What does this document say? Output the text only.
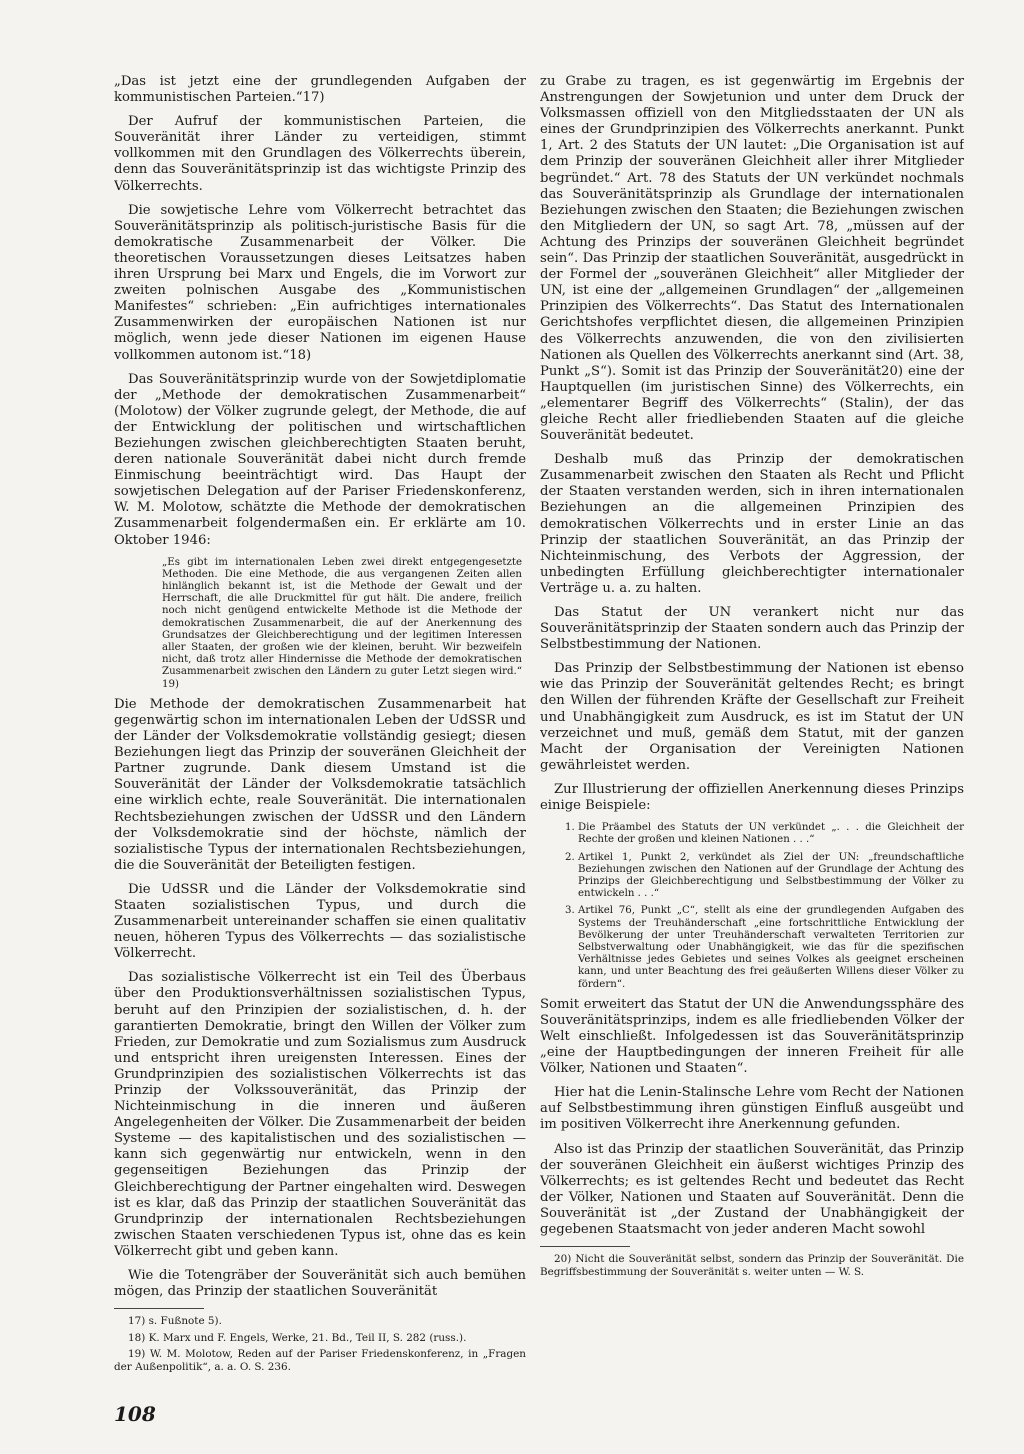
„Das ist jetzt eine der grundlegenden Aufgaben der kommunistischen Parteien.“17)

Der Aufruf der kommunistischen Parteien, die Souveränität ihrer Länder zu verteidigen, stimmt vollkommen mit den Grundlagen des Völkerrechts überein, denn das Souveränitätsprinzip ist das wichtigste Prinzip des Völkerrechts.

Die sowjetische Lehre vom Völkerrecht betrachtet das Souveränitätsprinzip als politisch-juristische Basis für die demokratische Zusammenarbeit der Völker. Die theoretischen Voraussetzungen dieses Leitsatzes haben ihren Ursprung bei Marx und Engels, die im Vorwort zur zweiten polnischen Ausgabe des „Kommunistischen Manifestes“ schrieben: „Ein aufrichtiges internationales Zusammenwirken der europäischen Nationen ist nur möglich, wenn jede dieser Nationen im eigenen Hause vollkommen autonom ist.“18)

Das Souveränitätsprinzip wurde von der Sowjetdiplomatie der „Methode der demokratischen Zusammenarbeit“ (Molotow) der Völker zugrunde gelegt, der Methode, die auf der Entwicklung der politischen und wirtschaftlichen Beziehungen zwischen gleichberechtigten Staaten beruht, deren nationale Souveränität dabei nicht durch fremde Einmischung beeinträchtigt wird. Das Haupt der sowjetischen Delegation auf der Pariser Friedenskonferenz, W. M. Molotow, schätzte die Methode der demokratischen Zusammenarbeit folgendermaßen ein. Er erklärte am 10. Oktober 1946:

„Es gibt im internationalen Leben zwei direkt entgegengesetzte Methoden. Die eine Methode, die aus vergangenen Zeiten allen hinlänglich bekannt ist, ist die Methode der Gewalt und der Herrschaft, die alle Druckmittel für gut hält. Die andere, freilich noch nicht genügend entwickelte Methode ist die Methode der demokratischen Zusammenarbeit, die auf der Anerkennung des Grundsatzes der Gleichberechtigung und der legitimen Interessen aller Staaten, der großen wie der kleinen, beruht. Wir bezweifeln nicht, daß trotz aller Hindernisse die Methode der demokratischen Zusammenarbeit zwischen den Ländern zu guter Letzt siegen wird.“ 19)

Die Methode der demokratischen Zusammenarbeit hat gegenwärtig schon im internationalen Leben der UdSSR und der Länder der Volksdemokratie vollständig gesiegt; diesen Beziehungen liegt das Prinzip der souveränen Gleichheit der Partner zugrunde. Dank diesem Umstand ist die Souveränität der Länder der Volksdemokratie tatsächlich eine wirklich echte, reale Souveränität. Die internationalen Rechtsbeziehungen zwischen der UdSSR und den Ländern der Volksdemokratie sind der höchste, nämlich der sozialistische Typus der internationalen Rechtsbeziehungen, die die Souveränität der Beteiligten festigen.

Die UdSSR und die Länder der Volksdemokratie sind Staaten sozialistischen Typus, und durch die Zusammenarbeit untereinander schaffen sie einen qualitativ neuen, höheren Typus des Völkerrechts — das sozialistische Völkerrecht.

Das sozialistische Völkerrecht ist ein Teil des Überbaus über den Produktionsverhältnissen sozialistischen Typus, beruht auf den Prinzipien der sozialistischen, d. h. der garantierten Demokratie, bringt den Willen der Völker zum Frieden, zur Demokratie und zum Sozialismus zum Ausdruck und entspricht ihren ureigensten Interessen. Eines der Grundprinzipien des sozialistischen Völkerrechts ist das Prinzip der Volkssouveränität, das Prinzip der Nichteinmischung in die inneren und äußeren Angelegenheiten der Völker. Die Zusammenarbeit der beiden Systeme — des kapitalistischen und des sozialistischen — kann sich gegenwärtig nur entwickeln, wenn in den gegenseitigen Beziehungen das Prinzip der Gleichberechtigung der Partner eingehalten wird. Deswegen ist es klar, daß das Prinzip der staatlichen Souveränität das Grundprinzip der internationalen Rechtsbeziehungen zwischen Staaten verschiedenen Typus ist, ohne das es kein Völkerrecht gibt und geben kann.

Wie die Totengräber der Souveränität sich auch bemühen mögen, das Prinzip der staatlichen Souveränität

17) s. Fußnote 5).

18) K. Marx und F. Engels, Werke, 21. Bd., Teil II, S. 282 (russ.).

19) W. M. Molotow, Reden auf der Pariser Friedenskonferenz, in „Fragen der Außenpolitik“, a. a. O. S. 236.

zu Grabe zu tragen, es ist gegenwärtig im Ergebnis der Anstrengungen der Sowjetunion und unter dem Druck der Volksmassen offiziell von den Mitgliedsstaaten der UN als eines der Grundprinzipien des Völkerrechts anerkannt. Punkt 1, Art. 2 des Statuts der UN lautet: „Die Organisation ist auf dem Prinzip der souveränen Gleichheit aller ihrer Mitglieder begründet.“ Art. 78 des Statuts der UN verkündet nochmals das Souveränitätsprinzip als Grundlage der internationalen Beziehungen zwischen den Staaten; die Beziehungen zwischen den Mitgliedern der UN, so sagt Art. 78, „müssen auf der Achtung des Prinzips der souveränen Gleichheit begründet sein“. Das Prinzip der staatlichen Souveränität, ausgedrückt in der Formel der „souveränen Gleichheit“ aller Mitglieder der UN, ist eine der „allgemeinen Grundlagen“ der „allgemeinen Prinzipien des Völkerrechts“. Das Statut des Internationalen Gerichtshofes verpflichtet diesen, die allgemeinen Prinzipien des Völkerrechts anzuwenden, die von den zivilisierten Nationen als Quellen des Völkerrechts anerkannt sind (Art. 38, Punkt „S“). Somit ist das Prinzip der Souveränität20) eine der Hauptquellen (im juristischen Sinne) des Völkerrechts, ein „elementarer Begriff des Völkerrechts“ (Stalin), der das gleiche Recht aller friedliebenden Staaten auf die gleiche Souveränität bedeutet.

Deshalb muß das Prinzip der demokratischen Zusammenarbeit zwischen den Staaten als Recht und Pflicht der Staaten verstanden werden, sich in ihren internationalen Beziehungen an die allgemeinen Prinzipien des demokratischen Völkerrechts und in erster Linie an das Prinzip der staatlichen Souveränität, an das Prinzip der Nichteinmischung, des Verbots der Aggression, der unbedingten Erfüllung gleichberechtigter internationaler Verträge u. a. zu halten.

Das Statut der UN verankert nicht nur das Souveränitätsprinzip der Staaten sondern auch das Prinzip der Selbstbestimmung der Nationen.

Das Prinzip der Selbstbestimmung der Nationen ist ebenso wie das Prinzip der Souveränität geltendes Recht; es bringt den Willen der führenden Kräfte der Gesellschaft zur Freiheit und Unabhängigkeit zum Ausdruck, es ist im Statut der UN verzeichnet und muß, gemäß dem Statut, mit der ganzen Macht der Organisation der Vereinigten Nationen gewährleistet werden.

Zur Illustrierung der offiziellen Anerkennung dieses Prinzips einige Beispiele:

1. Die Präambel des Statuts der UN verkündet „. . . die Gleichheit der Rechte der großen und kleinen Nationen . . .“
2. Artikel 1, Punkt 2, verkündet als Ziel der UN: „freundschaftliche Beziehungen zwischen den Nationen auf der Grundlage der Achtung des Prinzips der Gleichberechtigung und Selbstbestimmung der Völker zu entwickeln . . .“
3. Artikel 76, Punkt „C“, stellt als eine der grundlegenden Aufgaben des Systems der Treuhänderschaft „eine fortschrittliche Entwicklung der Bevölkerung der unter Treuhänderschaft verwalteten Territorien zur Selbstverwaltung oder Unabhängigkeit, wie das für die spezifischen Verhältnisse jedes Gebietes und seines Volkes als geeignet erscheinen kann, und unter Beachtung des frei geäußerten Willens dieser Völker zu fördern“.

Somit erweitert das Statut der UN die Anwendungssphäre des Souveränitätsprinzips, indem es alle friedliebenden Völker der Welt einschließt. Infolgedessen ist das Souveränitätsprinzip „eine der Hauptbedingungen der inneren Freiheit für alle Völker, Nationen und Staaten“.

Hier hat die Lenin-Stalinsche Lehre vom Recht der Nationen auf Selbstbestimmung ihren günstigen Einfluß ausgeübt und im positiven Völkerrecht ihre Anerkennung gefunden.

Also ist das Prinzip der staatlichen Souveränität, das Prinzip der souveränen Gleichheit ein äußerst wichtiges Prinzip des Völkerrechts; es ist geltendes Recht und bedeutet das Recht der Völker, Nationen und Staaten auf Souveränität. Denn die Souveränität ist „der Zustand der Unabhängigkeit der gegebenen Staatsmacht von jeder anderen Macht sowohl

20) Nicht die Souveränität selbst, sondern das Prinzip der Souveränität. Die Begriffsbestimmung der Souveränität s. weiter unten — W. S.

108
